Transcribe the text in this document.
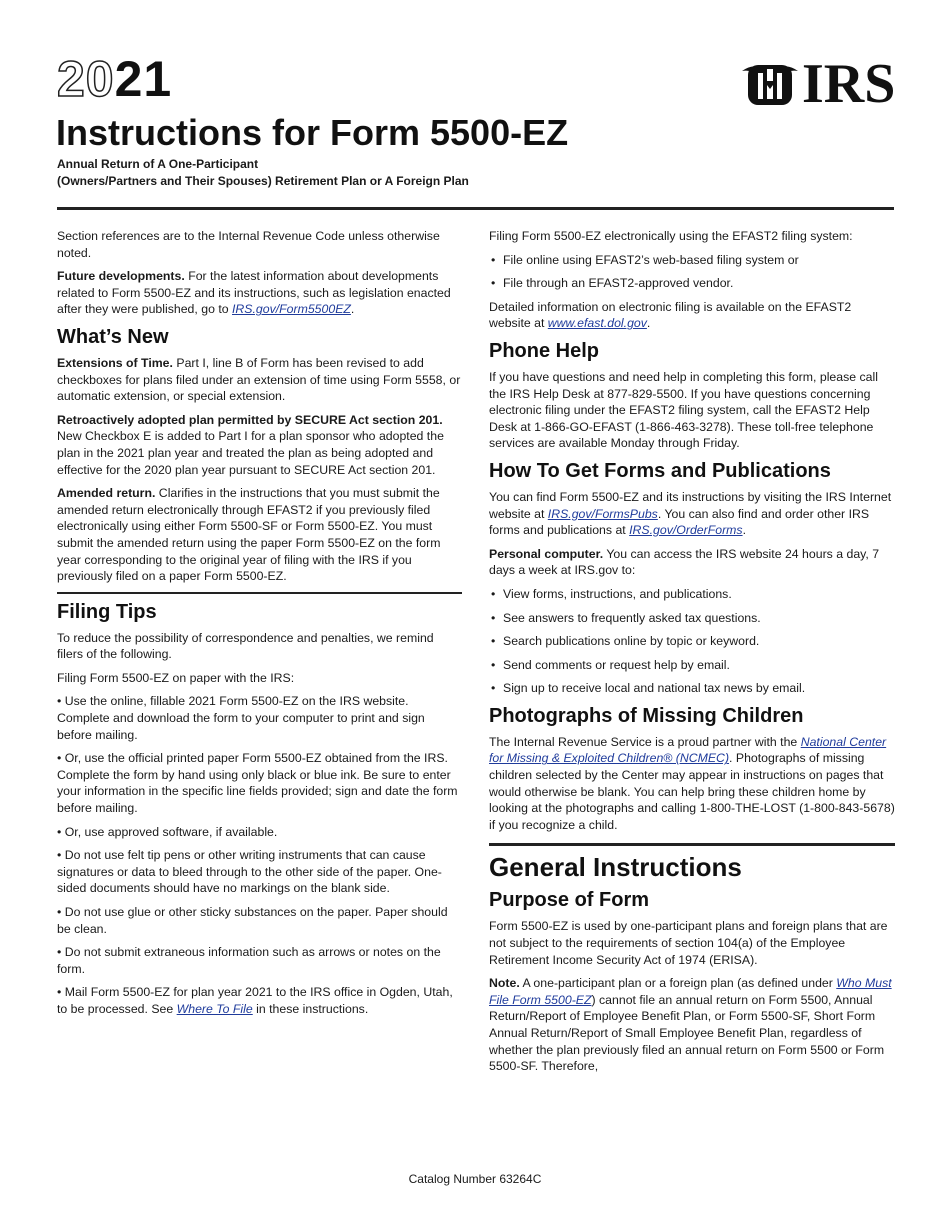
2021	IRS
Instructions for Form 5500-EZ
Annual Return of A One-Participant
(Owners/Partners and Their Spouses) Retirement Plan or A Foreign Plan

Section references are to the Internal Revenue Code unless otherwise noted.

Future developments. For the latest information about developments related to Form 5500-EZ and its instructions, such as legislation enacted after they were published, go to IRS.gov/Form5500EZ.

What’s New

Extensions of Time. Part I, line B of Form has been revised to add checkboxes for plans filed under an extension of time using Form 5558, or automatic extension, or special extension.

Retroactively adopted plan permitted by SECURE Act section 201. New Checkbox E is added to Part I for a plan sponsor who adopted the plan in the 2021 plan year and treated the plan as being adopted and effective for the 2020 plan year pursuant to SECURE Act section 201.

Amended return. Clarifies in the instructions that you must submit the amended return electronically through EFAST2 if you previously filed electronically using either Form 5500-SF or Form 5500-EZ. You must submit the amended return using the paper Form 5500-EZ on the form year corresponding to the original year of filing with the IRS if you previously filed on a paper Form 5500-EZ.

Filing Tips

To reduce the possibility of correspondence and penalties, we remind filers of the following.

Filing Form 5500-EZ on paper with the IRS:

• Use the online, fillable 2021 Form 5500-EZ on the IRS website. Complete and download the form to your computer to print and sign before mailing.

• Or, use the official printed paper Form 5500-EZ obtained from the IRS. Complete the form by hand using only black or blue ink. Be sure to enter your information in the specific line fields provided; sign and date the form before mailing.

• Or, use approved software, if available.

• Do not use felt tip pens or other writing instruments that can cause signatures or data to bleed through to the other side of the paper. One-sided documents should have no markings on the blank side.

• Do not use glue or other sticky substances on the paper. Paper should be clean.

• Do not submit extraneous information such as arrows or notes on the form.

• Mail Form 5500-EZ for plan year 2021 to the IRS office in Ogden, Utah, to be processed. See Where To File in these instructions.

Filing Form 5500-EZ electronically using the EFAST2 filing system:

• File online using EFAST2’s web-based filing system or
• File through an EFAST2-approved vendor.

Detailed information on electronic filing is available on the EFAST2 website at www.efast.dol.gov.

Phone Help

If you have questions and need help in completing this form, please call the IRS Help Desk at 877-829-5500. If you have questions concerning electronic filing under the EFAST2 filing system, call the EFAST2 Help Desk at 1-866-GO-EFAST (1-866-463-3278). These toll-free telephone services are available Monday through Friday.

How To Get Forms and Publications

You can find Form 5500-EZ and its instructions by visiting the IRS Internet website at IRS.gov/FormsPubs. You can also find and order other IRS forms and publications at IRS.gov/OrderForms.

Personal computer. You can access the IRS website 24 hours a day, 7 days a week at IRS.gov to:

• View forms, instructions, and publications.
• See answers to frequently asked tax questions.
• Search publications online by topic or keyword.
• Send comments or request help by email.
• Sign up to receive local and national tax news by email.
Photographs of Missing Children

The Internal Revenue Service is a proud partner with the National Center for Missing & Exploited Children® (NCMEC). Photographs of missing children selected by the Center may appear in instructions on pages that would otherwise be blank. You can help bring these children home by looking at the photographs and calling 1-800-THE-LOST (1-800-843-5678) if you recognize a child.

General Instructions
Purpose of Form

Form 5500-EZ is used by one-participant plans and foreign plans that are not subject to the requirements of section 104(a) of the Employee Retirement Income Security Act of 1974 (ERISA).

Note. A one-participant plan or a foreign plan (as defined under Who Must File Form 5500-EZ) cannot file an annual return on Form 5500, Annual Return/Report of Employee Benefit Plan, or Form 5500-SF, Short Form Annual Return/Report of Small Employee Benefit Plan, regardless of whether the plan previously filed an annual return on Form 5500 or Form 5500-SF. Therefore,

Catalog Number 63264C
